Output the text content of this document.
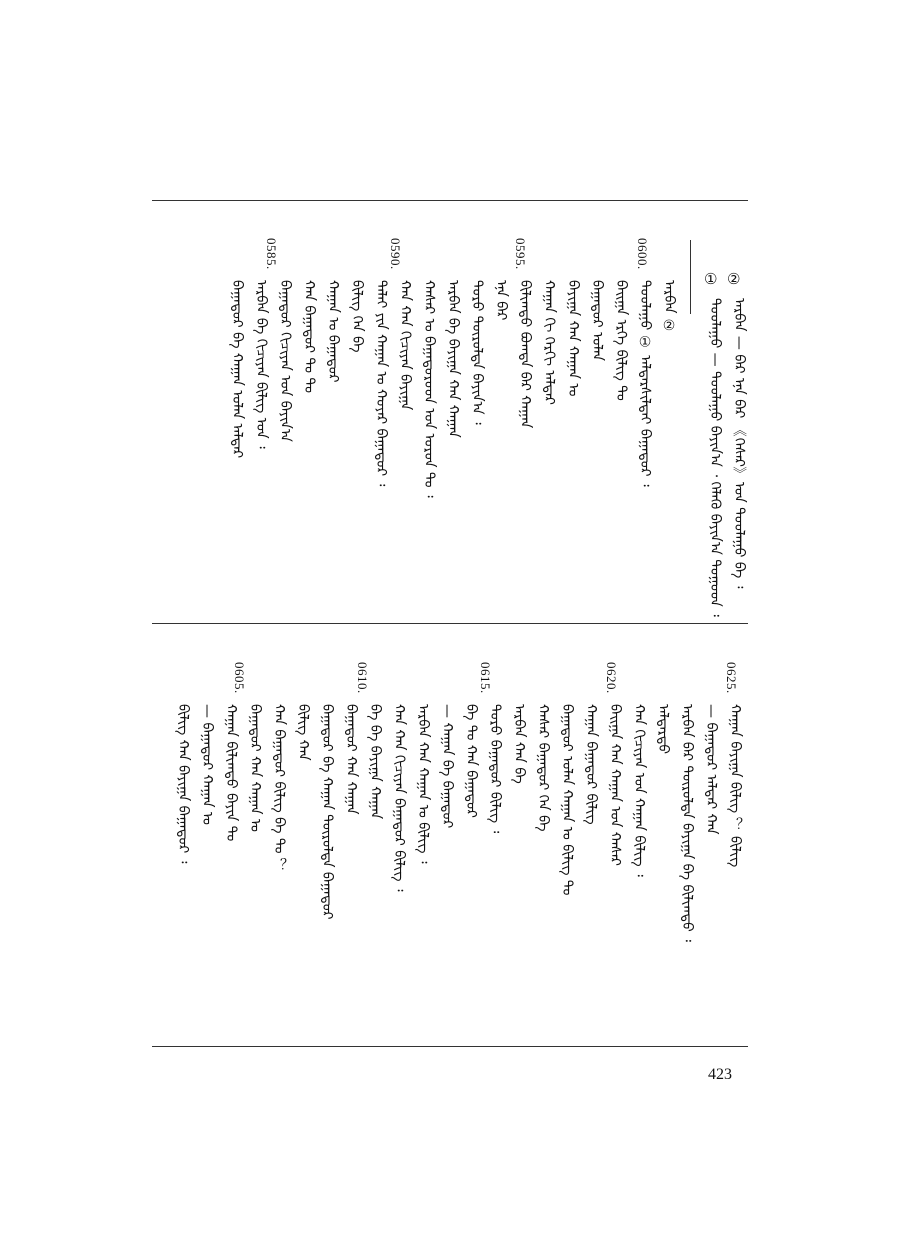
②
①
ᠠᠷᠪᠠᠨ — ᠪᠠᠷ ᠡᠨᠡ ᠪᠠᠷ 《ᠭᠡᠰᠡᠷ》ᠤᠨ ᠳᠤᠤᠯᠠᠭᠤ ᠪᠠ ᠄
ᠳᠤᠤᠯᠠᠭᠤ — ᠳᠤᠤᠯᠠᠭᠤ ᠪᠠᠶᠢᠨ᠎ᠠ ᠂ ᠬᠡᠯᠡᠭᠦ ᠪᠠᠶᠢᠨ᠎ᠠ ᠲᠤᠭᠤᠳ ᠄
0600.
0595.
0590.
0585.
ᠠᠷᠪᠠᠨ ②
ᠳᠤᠤᠯᠠᠭᠤ ① ᠠᠯᠳᠠᠷᠰᠢᠯᠲᠠᠢ ᠪᠠᠭᠠᠲᠤᠷ ᠄
ᠪᠠᠢᠭᠠ ᠡᠷᠬᠡ ᠪᠢᠯᠢᠭ ᠲᠤ
ᠪᠠᠭᠠᠲᠤᠷ ᠤᠯᠠᠨ
ᠪᠠᠶᠢᠭᠠ ᠬᠠᠨ ᠬᠠᠭᠠᠨ ᠤ
ᠬᠠᠭᠠᠨ ᠬᠢ ᠬᠡᠷᠬᠢ ᠠᠯᠳᠠᠷ
ᠪᠢᠯᠢᠭᠲᠤ ᠪᠣᠭᠳᠠ ᠪᠠᠷ ᠬᠠᠭᠠᠨ
ᠡᠨᠡ ᠪᠠᠷ
ᠲᠤᠷᠤ ᠲᠥᠷᠥᠯᠲᠡ ᠪᠠᠶᠢᠨ᠎ᠠ ᠄
ᠠᠷᠪᠠᠨ ᠪᠠ ᠪᠠᠶᠢᠭᠠ ᠬᠠᠨ ᠬᠠᠭᠠᠨ
ᠬᠠᠰᠠᠷ ᠤ ᠪᠠᠭᠠᠲᠤᠷᠤᠳ ᠤᠨ ᠣᠷᠣᠨ ᠲᠤ ᠄
ᠬᠠᠨ ᠬᠠᠨ ᠬᠢᠴᠢᠶᠡᠨ ᠪᠠᠶᠢᠭᠠ
ᠳᠠᠯᠠᠢ ᠶᠢᠨ ᠬᠠᠭᠠᠨ ᠤ ᠬᠣᠶᠠᠷ ᠪᠠᠭᠠᠲᠤᠷ ᠄
ᠪᠢᠯᠢᠭ ᠬᠡᠨ ᠪᠠ
ᠬᠠᠭᠠᠨ ᠤ ᠪᠠᠭᠠᠲᠤᠷ
ᠬᠠᠨ ᠪᠠᠭᠠᠲᠤᠷ ᠲᠤ ᠲᠤ
ᠪᠠᠭᠠᠲᠤᠷ ᠬᠢᠴᠢᠶᠡᠨ ᠤᠨ ᠪᠠᠶᠢᠨ᠎ᠠ
ᠠᠷᠪᠠᠨ ᠪᠠ ᠬᠢᠴᠢᠶᠡᠨ ᠪᠢᠯᠢᠭ ᠤᠨ ᠄
ᠪᠠᠭᠠᠲᠤᠷ ᠪᠠ ᠬᠠᠭᠠᠨ ᠤᠯᠠᠨ ᠠᠯᠳᠠᠷ
0625.
0620.
0615.
0610.
0605.
ᠬᠠᠭᠠᠨ ᠪᠠᠶᠢᠭᠠ ᠪᠢᠯᠢᠭ ？ ᠪᠢᠯᠢᠭ
— ᠪᠠᠭᠠᠲᠤᠷ ᠠᠯᠳᠠᠷ ᠬᠠᠨ
ᠠᠷᠪᠠᠨ ᠪᠠᠷ ᠲᠥᠷᠥᠯᠲᠡ ᠪᠠᠶᠢᠭᠠ ᠪᠠ ᠪᠢᠯᠢᠭᠲᠤ ᠄
ᠠᠯᠳᠠᠷᠲᠤ
ᠬᠠᠨ ᠬᠢᠴᠢᠶᠡᠨ ᠤᠨ ᠬᠠᠭᠠᠨ ᠪᠢᠯᠢᠭ ᠄
ᠪᠠᠢᠭᠠ ᠬᠠᠨ ᠬᠠᠭᠠᠨ ᠤᠨ ᠬᠠᠰᠠᠷ
ᠬᠠᠭᠠᠨ ᠪᠠᠭᠠᠲᠤᠷ ᠪᠢᠯᠢᠭ
ᠪᠠᠭᠠᠲᠤᠷ ᠤᠯᠠᠨ ᠬᠠᠭᠠᠨ ᠤ ᠪᠢᠯᠢᠭ ᠲᠤ
ᠬᠠᠰᠠᠷ ᠪᠠᠭᠠᠲᠤᠷ ᠬᠡᠨ ᠪᠠ
ᠠᠷᠪᠠᠨ ᠬᠠᠨ ᠪᠠ
ᠲᠤᠷᠤ ᠪᠠᠭᠠᠲᠤᠷ ᠪᠢᠯᠢᠭ ᠄
ᠪᠠ ᠲᠤ ᠬᠠᠨ ᠪᠠᠭᠠᠲᠤᠷ
— ᠬᠠᠭᠠᠨ ᠪᠠ ᠪᠠᠭᠠᠲᠤᠷ
ᠠᠷᠪᠠᠨ ᠬᠠᠨ ᠬᠠᠭᠠᠨ ᠤ ᠪᠢᠯᠢᠭ ᠄
ᠬᠠᠨ ᠬᠠᠨ ᠬᠢᠴᠢᠶᠡᠨ ᠪᠠᠭᠠᠲᠤᠷ ᠪᠢᠯᠢᠭ ᠄
ᠪᠠ ᠪᠠ ᠪᠠᠶᠢᠭᠠ ᠬᠠᠭᠠᠨ
ᠪᠠᠭᠠᠲᠤᠷ ᠬᠠᠨ ᠬᠠᠭᠠᠨ
ᠪᠠᠭᠠᠲᠤᠷ ᠪᠠ ᠬᠠᠭᠠᠨ ᠲᠥᠷᠥᠯᠲᠡ ᠪᠠᠭᠠᠲᠤᠷ
ᠪᠢᠯᠢᠭ ᠬᠠᠨ
ᠬᠠᠨ ᠪᠠᠭᠠᠲᠤᠷ ᠪᠢᠯᠢᠭ ᠪᠠ ᠲᠤ ？
ᠪᠠᠭᠠᠲᠤᠷ ᠬᠠᠨ ᠬᠠᠭᠠᠨ ᠤ
ᠬᠠᠭᠠᠨ ᠪᠢᠯᠢᠭᠲᠤ ᠪᠠᠶᠢᠨ ᠲᠤ
— ᠪᠠᠭᠠᠲᠤᠷ ᠬᠠᠭᠠᠨ ᠤ
ᠪᠢᠯᠢᠭ ᠬᠠᠨ ᠪᠠᠶᠢᠭᠠ ᠪᠠᠭᠠᠲᠤᠷ ᠄
423
